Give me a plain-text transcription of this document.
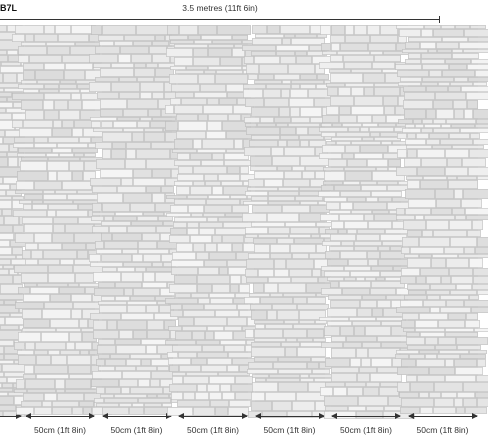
B7L	3.5 metres (11ft 6in)
50cm (1ft 8in)	50cm (1ft 8in)	50cm (1ft 8in)	50cm (1ft 8in)	50cm (1ft 8in)	50cm (1ft 8in)
